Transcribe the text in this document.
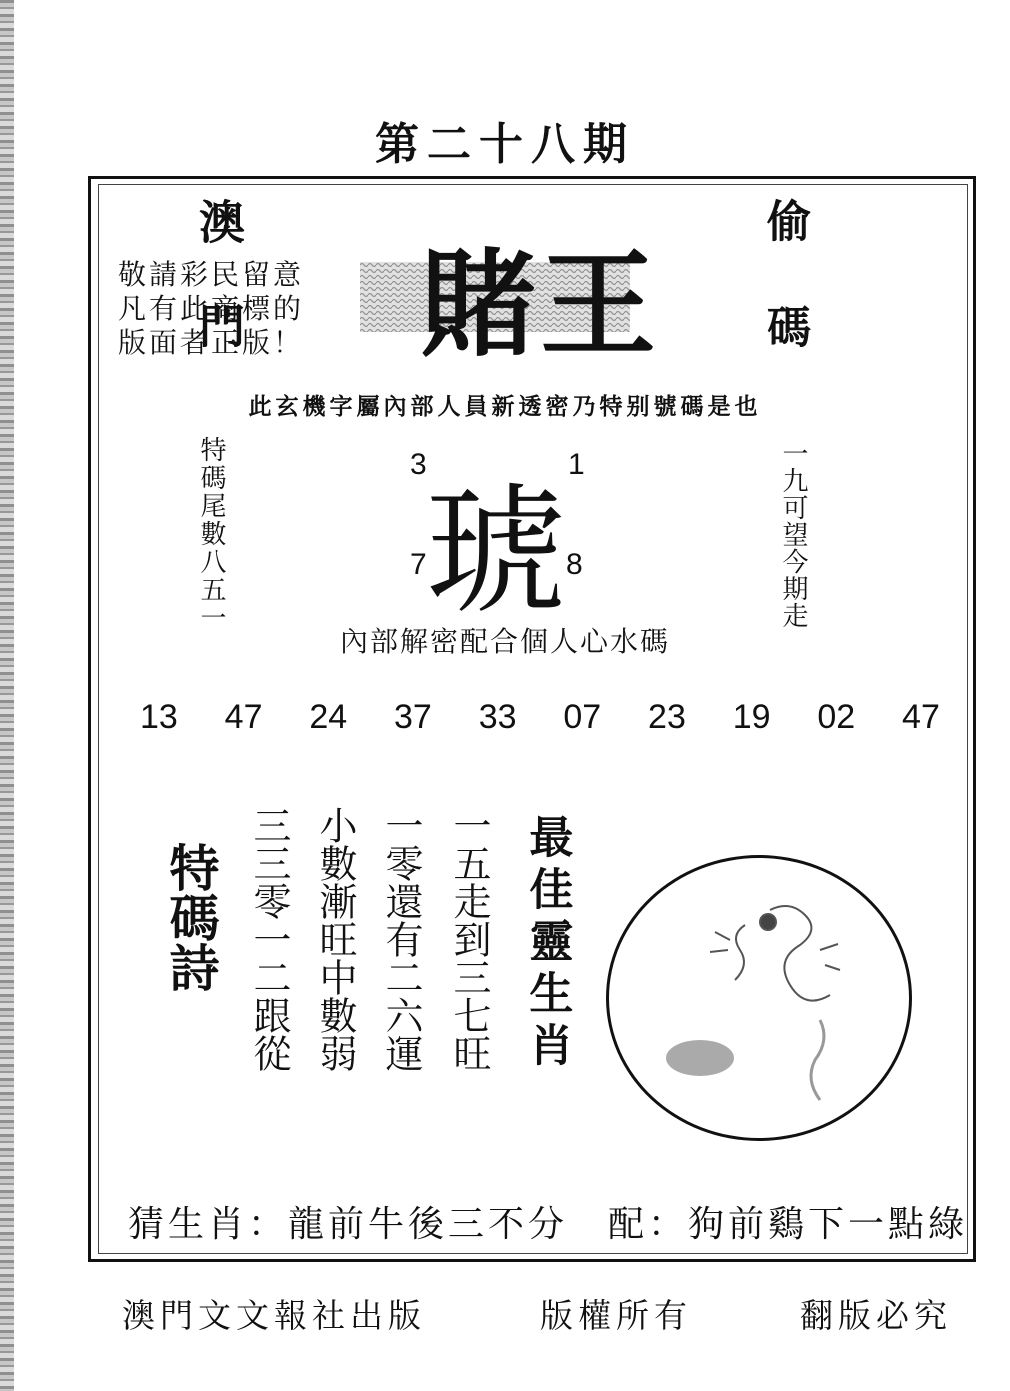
第二十八期
澳門	偷碼
敬請彩民留意
凡有此商標的
版面者正版！ 賭王
此玄機字屬內部人員新透密乃特别號碼是也
特碼尾數八五一	一九可望今期走
琥
3	1
7	8
內部解密配合個人心水碼
13 47 24 37 33 07 23 19 02 47
特碼詩 三三零一二跟從 小數漸旺中數弱 一零還有二六運 一五走到三七旺 最佳靈生肖
猜生肖：龍前牛後三不分　配：狗前鷄下一點綠
澳門文文報社出版	版權所有	翻版必究
